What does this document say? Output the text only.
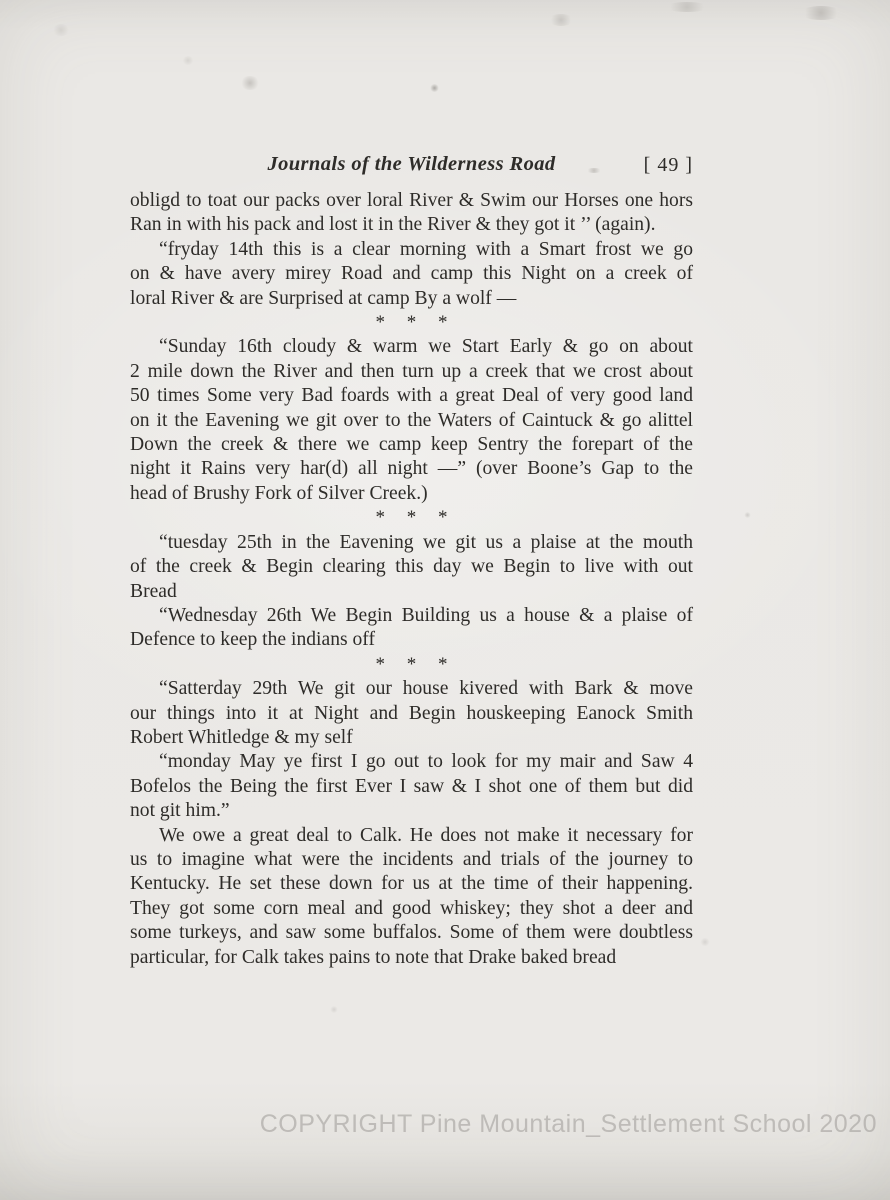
Journals of the Wilderness Road	[ 49 ]
obligd to toat our packs over loral River & Swim our Horses one hors
Ran in with his pack and lost it in the River & they got it ’’ (again).
“fryday 14th this is a clear morning with a Smart frost we go
on & have avery mirey Road and camp this Night on a creek of
loral River & are Surprised at camp By a wolf —
* * *
“Sunday 16th cloudy & warm we Start Early & go on about
2 mile down the River and then turn up a creek that we crost about
50 times Some very Bad foards with a great Deal of very good land
on it the Eavening we git over to the Waters of Caintuck & go alittel
Down the creek & there we camp keep Sentry the forepart of the
night it Rains very har(d) all night —” (over Boone’s Gap to the
head of Brushy Fork of Silver Creek.)
* * *
“tuesday 25th in the Eavening we git us a plaise at the mouth
of the creek & Begin clearing this day we Begin to live with out
Bread
“Wednesday 26th We Begin Building us a house & a plaise of
Defence to keep the indians off
* * *
“Satterday 29th We git our house kivered with Bark & move
our things into it at Night and Begin houskeeping Eanock Smith
Robert Whitledge & my self
“monday May ye first I go out to look for my mair and Saw 4
Bofelos the Being the first Ever I saw & I shot one of them but did
not git him.”
We owe a great deal to Calk. He does not make it necessary for
us to imagine what were the incidents and trials of the journey to
Kentucky. He set these down for us at the time of their happening.
They got some corn meal and good whiskey; they shot a deer and
some turkeys, and saw some buffalos. Some of them were doubtless
particular, for Calk takes pains to note that Drake baked bread
COPYRIGHT Pine Mountain_Settlement School 2020
